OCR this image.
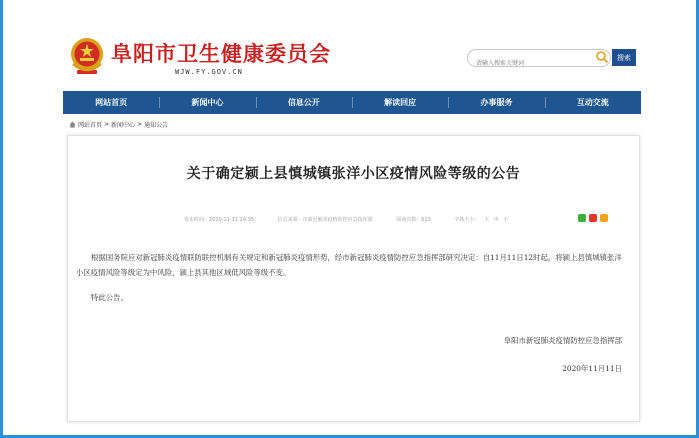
阜阳市卫生健康委员会
WJW.FY.GOV.CN
请输入搜索关键词
搜索
网站首页	新闻中心	信息公开	解读回应	办事服务	互动交流
网站首页 > 新闻中心 > 通知公告
关于确定颍上县慎城镇张洋小区疫情风险等级的公告
发布时间：2020-11-11 14:35	信息来源：市新冠肺炎疫情防控应急指挥部	阅读次数：613	字体大小： 大 中 小

根据国务院应对新冠肺炎疫情联防联控机制有关规定和新冠肺炎疫情形势，经市新冠肺炎疫情防控应急指挥部研究决定：自11月11日12时起，将颍上县慎城镇张洋小区疫情风险等级定为中风险，颍上县其他区域低风险等级不变。

特此公告。

阜阳市新冠肺炎疫情防控应急指挥部
2020年11月11日
